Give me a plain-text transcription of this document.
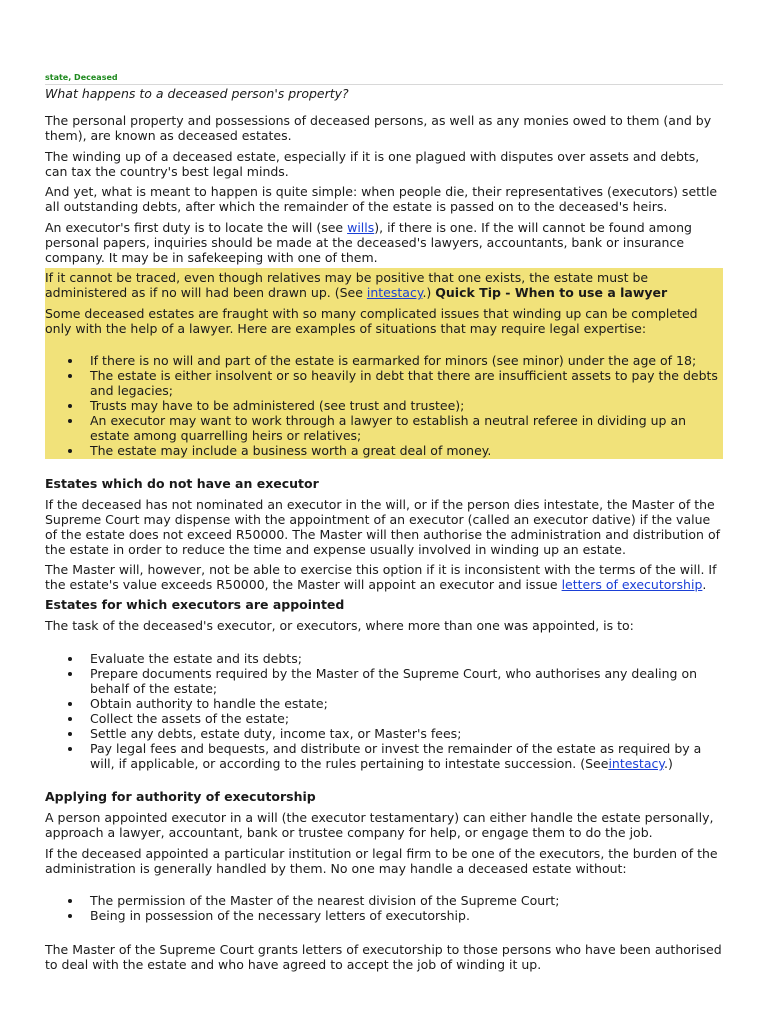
state, Deceased
What happens to a deceased person's property?

The personal property and possessions of deceased persons, as well as any monies owed to them (and by them), are known as deceased estates.

The winding up of a deceased estate, especially if it is one plagued with disputes over assets and debts, can tax the country's best legal minds.

And yet, what is meant to happen is quite simple: when people die, their representatives (executors) settle all outstanding debts, after which the remainder of the estate is passed on to the deceased's heirs.

An executor's first duty is to locate the will (see wills), if there is one. If the will cannot be found among personal papers, inquiries should be made at the deceased's lawyers, accountants, bank or insurance company. It may be in safekeeping with one of them.

If it cannot be traced, even though relatives may be positive that one exists, the estate must be administered as if no will had been drawn up. (See intestacy.) Quick Tip - When to use a lawyer

Some deceased estates are fraught with so many complicated issues that winding up can be completed only with the help of a lawyer. Here are examples of situations that may require legal expertise:

If there is no will and part of the estate is earmarked for minors (see minor) under the age of 18;
The estate is either insolvent or so heavily in debt that there are insufficient assets to pay the debts and legacies;
Trusts may have to be administered (see trust and trustee);
An executor may want to work through a lawyer to establish a neutral referee in dividing up an estate among quarrelling heirs or relatives;
The estate may include a business worth a great deal of money.
Estates which do not have an executor

If the deceased has not nominated an executor in the will, or if the person dies intestate, the Master of the Supreme Court may dispense with the appointment of an executor (called an executor dative) if the value of the estate does not exceed R50000. The Master will then authorise the administration and distribution of the estate in order to reduce the time and expense usually involved in winding up an estate.

The Master will, however, not be able to exercise this option if it is inconsistent with the terms of the will. If the estate's value exceeds R50000, the Master will appoint an executor and issue letters of executorship.

Estates for which executors are appointed

The task of the deceased's executor, or executors, where more than one was appointed, is to:

Evaluate the estate and its debts;
Prepare documents required by the Master of the Supreme Court, who authorises any dealing on behalf of the estate;
Obtain authority to handle the estate;
Collect the assets of the estate;
Settle any debts, estate duty, income tax, or Master's fees;
Pay legal fees and bequests, and distribute or invest the remainder of the estate as required by a will, if applicable, or according to the rules pertaining to intestate succession. (Seeintestacy.)
Applying for authority of executorship

A person appointed executor in a will (the executor testamentary) can either handle the estate personally, approach a lawyer, accountant, bank or trustee company for help, or engage them to do the job.

If the deceased appointed a particular institution or legal firm to be one of the executors, the burden of the administration is generally handled by them. No one may handle a deceased estate without:

The permission of the Master of the nearest division of the Supreme Court;
Being in possession of the necessary letters of executorship.

The Master of the Supreme Court grants letters of executorship to those persons who have been authorised to deal with the estate and who have agreed to accept the job of winding it up.
